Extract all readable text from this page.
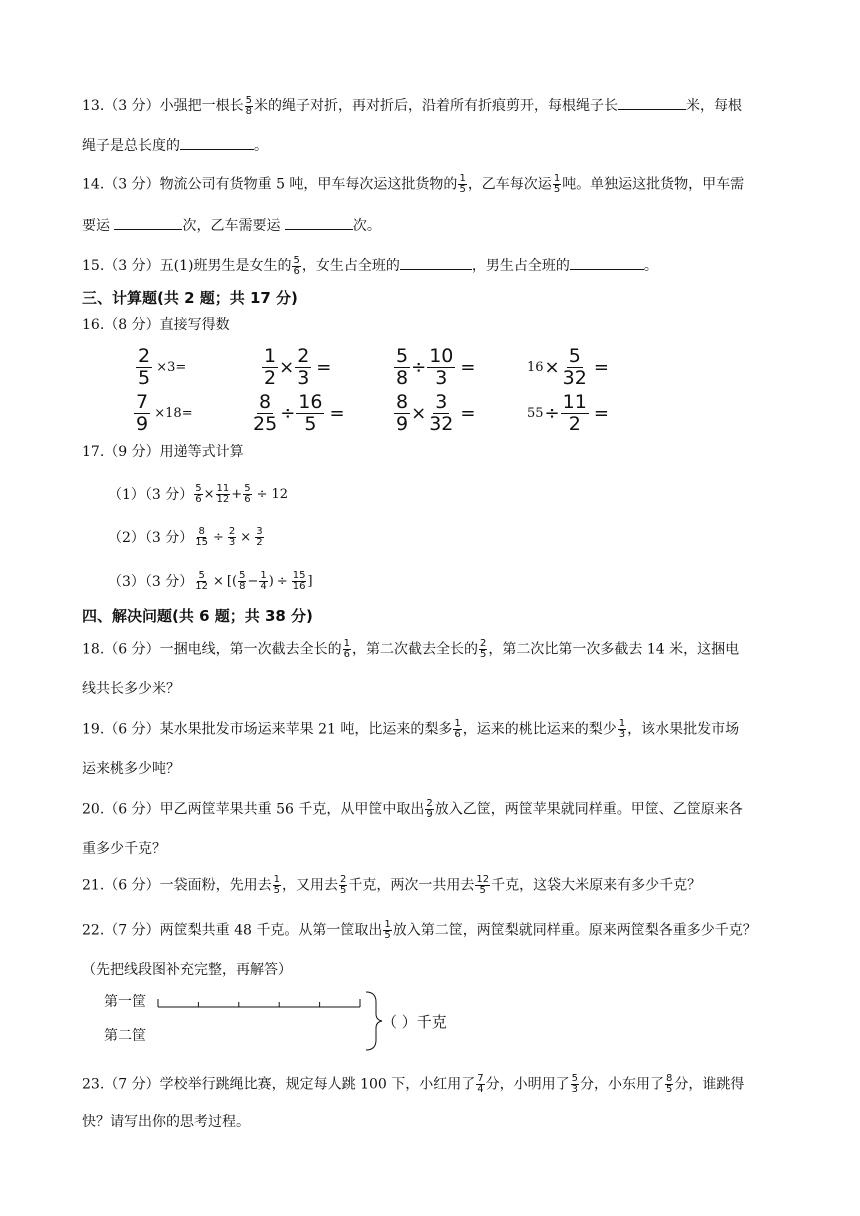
13.（3 分）小强把一根长 $\frac{5}{8}$ 米的绳子对折，再对折后，沿着所有折痕剪开，每根绳子长	米，每根
绳子是总长度的	。
14.（3 分）物流公司有货物重 5 吨，甲车每次运这批货物的 $\frac{1}{5}$ ，乙车每次运 $\frac{1}{5}$ 吨。单独运这批货物，甲车需
要运	次，乙车需要运	次。
15.（3 分）五(1)班男生是女生的 $\frac{5}{6}$ ，女生占全班的	，男生占全班的	。
三、计算题(共 2 题；共 17 分)
16.（8 分）直接写得数
2
5
× 3 =	$\frac{1}{2} \times \frac{2}{3}$ =	$\frac{5}{8} \div \frac{10}{3}$ =	$16 \times \frac{5}{32}$ =
7
9
× 18 =	$\frac{8}{25} \div \frac{16}{5}$ =	$\frac{8}{9} \times \frac{3}{32}$ =	$55 \div \frac{11}{2}$ =
17.（9 分）用递等式计算
（1）（3 分） $\frac{5}{6} \times \frac{11}{12} + \frac{5}{6} \div 12$
（2）（3 分） $\frac{8}{15} \div \frac{2}{3} \times \frac{3}{2}$
（3）（3 分） $\frac{5}{12}$ × [( 5
$8 - \frac{1}{4}$ ) ÷ $\frac{15}{16}$ ]
四、解决问题(共 6 题；共 38 分)
18.（6 分）一捆电线，第一次截去全长的 $\frac{1}{6}$ ，第二次截去全长的 $\frac{2}{5}$ ，第二次比第一次多截去 14 米，这捆电
线共长多少米？
19.（6 分）某水果批发市场运来苹果 21 吨，比运来的梨多 $\frac{1}{6}$ ，运来的桃比运来的梨少 $\frac{1}{3}$ ，该水果批发市场
运来桃多少吨？
20.（6 分）甲乙两筐苹果共重 56 千克，从甲筐中取出 $\frac{2}{9}$ 放入乙筐，两筐苹果就同样重。甲筐、乙筐原来各
重多少千克？
21.（6 分）一袋面粉，先用去 $\frac{1}{5}$ ，又用去 $\frac{2}{5}$ 千克，两次一共用去 $\frac{12}{5}$ 千克，这袋大米原来有多少千克？
22.（7 分）两筐梨共重 48 千克。从第一筐取出 $\frac{1}{5}$ 放入第二筐，两筐梨就同样重。原来两筐梨各重多少千克？
（先把线段图补充完整，再解答）
第一筐
第二筐
（ ）千克
23.（7 分）学校举行跳绳比赛，规定每人跳 100 下，小红用了 $\frac{7}{4}$ 分，小明用了 $\frac{5}{3}$ 分，小东用了 $\frac{8}{5}$ 分，谁跳得
快？请写出你的思考过程。
